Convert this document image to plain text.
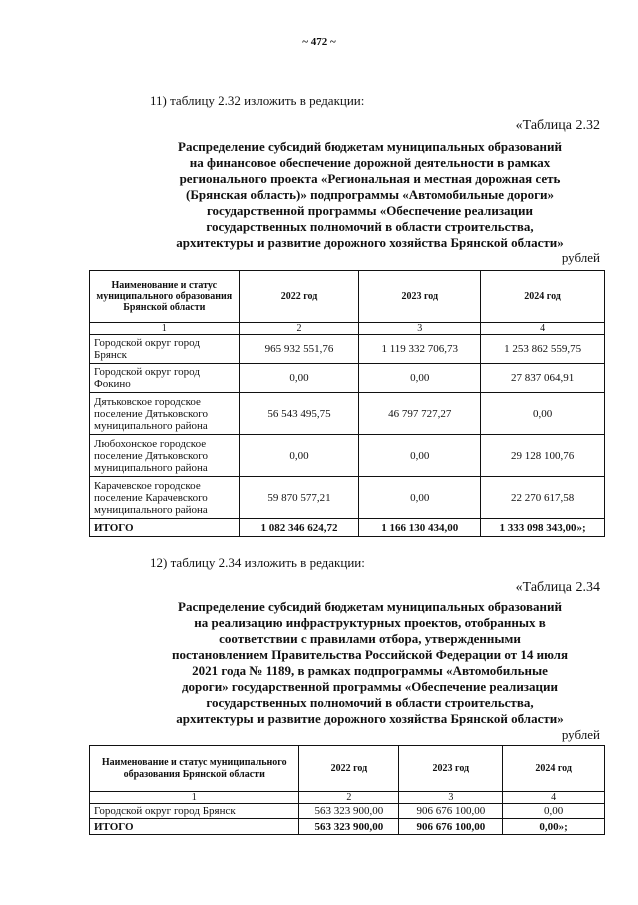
~ 472 ~
11) таблицу 2.32 изложить в редакции:
«Таблица 2.32
Распределение субсидий бюджетам муниципальных образований
на финансовое обеспечение дорожной деятельности в рамках
регионального проекта «Региональная и местная дорожная сеть
(Брянская область)» подпрограммы «Автомобильные дороги»
государственной программы «Обеспечение реализации
государственных полномочий в области строительства,
архитектуры и развитие дорожного хозяйства Брянской области»
рублей
Наименование и статус муниципального образования Брянской области	2022 год	2023 год	2024 год
1	2	3	4
Городской округ город Брянск	965 932 551,76	1 119 332 706,73	1 253 862 559,75
Городской округ город Фокино	0,00	0,00	27 837 064,91
Дятьковское городское поселение Дятьковского муниципального района	56 543 495,75	46 797 727,27	0,00
Любохонское городское поселение Дятьковского муниципального района	0,00	0,00	29 128 100,76
Карачевское городское поселение Карачевского муниципального района	59 870 577,21	0,00	22 270 617,58
ИТОГО	1 082 346 624,72	1 166 130 434,00	1 333 098 343,00»;
12) таблицу 2.34 изложить в редакции:
«Таблица 2.34
Распределение субсидий бюджетам муниципальных образований
на реализацию инфраструктурных проектов, отобранных в
соответствии с правилами отбора, утвержденными
постановлением Правительства Российской Федерации от 14 июля
2021 года № 1189, в рамках подпрограммы «Автомобильные
дороги» государственной программы «Обеспечение реализации
государственных полномочий в области строительства,
архитектуры и развитие дорожного хозяйства Брянской области»
рублей
Наименование и статус муниципального образования Брянской области	2022 год	2023 год	2024 год
1	2	3	4
Городской округ город Брянск	563 323 900,00	906 676 100,00	0,00
ИТОГО	563 323 900,00	906 676 100,00	0,00»;
